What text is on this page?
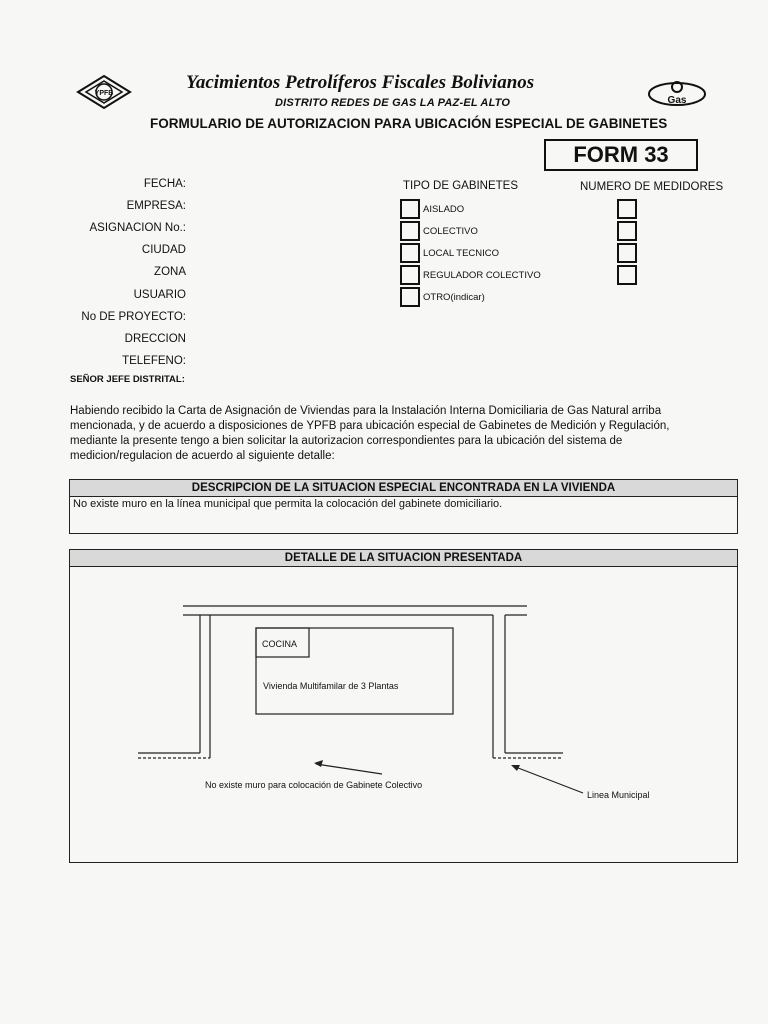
YPFB
Yacimientos Petrolíferos Fiscales Bolivianos
DISTRITO REDES DE GAS LA PAZ-EL ALTO	Gas
FORMULARIO DE AUTORIZACION PARA UBICACIÓN ESPECIAL DE GABINETES
FORM 33
FECHA:
EMPRESA:
ASIGNACION No.:
CIUDAD
ZONA
USUARIO
No DE PROYECTO:
DRECCION
TELEFENO:
SEÑOR JEFE DISTRITAL:
TIPO DE GABINETES
AISLADO
COLECTIVO
LOCAL TECNICO
REGULADOR COLECTIVO
OTRO(indicar)
NUMERO DE MEDIDORES
Habiendo recibido la Carta de Asignación de Viviendas para la Instalación Interna Domiciliaria de Gas Natural arriba mencionada, y de acuerdo a disposiciones de YPFB para ubicación especial de Gabinetes de Medición y Regulación, mediante la presente tengo a bien solicitar la autorizacion correspondientes para la ubicación del sistema de medicion/regulacion de acuerdo al siguiente detalle:
DESCRIPCION DE LA SITUACION ESPECIAL ENCONTRADA EN LA VIVIENDA
No existe muro en la línea municipal que permita la colocación del gabinete domiciliario.
DETALLE DE LA SITUACION PRESENTADA
COCINA
Vivienda Multifamilar de 3 Plantas
No existe muro para colocación de Gabinete Colectivo
Linea Municipal
